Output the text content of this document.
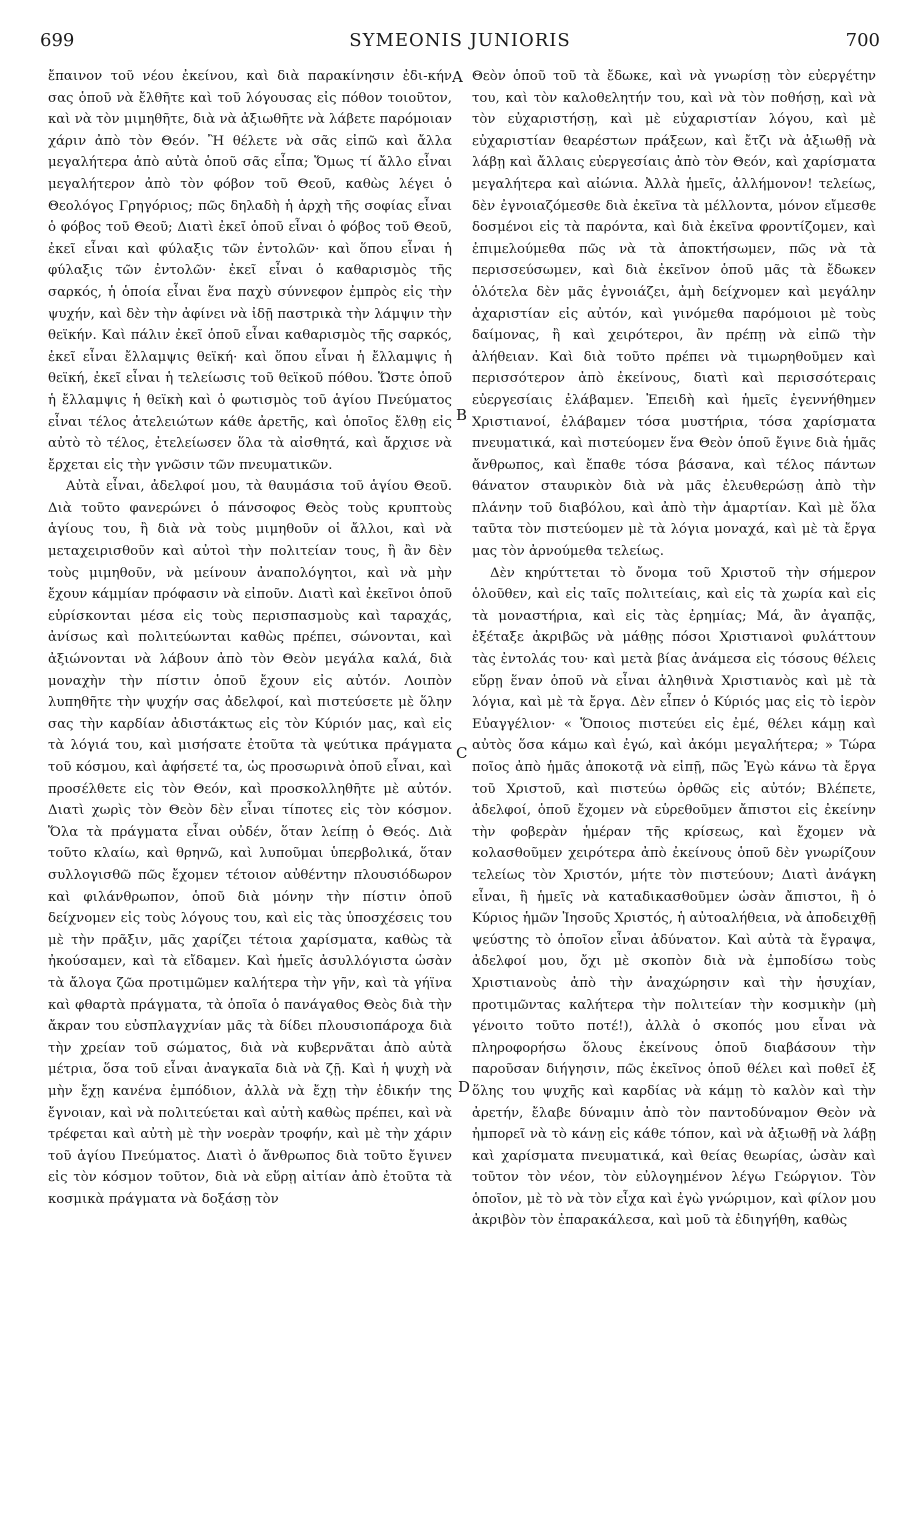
699	SYMEONIS JUNIORIS	700

ἔπαινον τοῦ νέου ἐκείνου, καὶ διὰ παρακίνησιν ἐδι-κήν σας ὁποῦ νὰ ἔλθῆτε καὶ τοῦ λόγουσας εἰς πόθον τοιοῦτον, καὶ νὰ τὸν μιμηθῆτε, διὰ νὰ ἀξιωθῆτε νὰ λάβετε παρόμοιαν χάριν ἀπὸ τὸν Θεόν. Ἢ θέλετε νὰ σᾶς εἰπῶ καὶ ἄλλα μεγαλήτερα ἀπὸ αὐτὰ ὁποῦ σᾶς εἶπα; Ὅμως τί ἄλλο εἶναι μεγαλήτερον ἀπὸ τὸν φόβον τοῦ Θεοῦ, καθὼς λέγει ὁ Θεολόγος Γρηγόριος; πῶς δηλαδὴ ἡ ἀρχὴ τῆς σοφίας εἶναι ὁ φόβος τοῦ Θεοῦ; Διατὶ ἐκεῖ ὁποῦ εἶναι ὁ φόβος τοῦ Θεοῦ, ἐκεῖ εἶναι καὶ φύλαξις τῶν ἐντολῶν· καὶ ὅπου εἶναι ἡ φύλαξις τῶν ἐντολῶν· ἐκεῖ εἶναι ὁ καθαρισμὸς τῆς σαρκός, ἡ ὁποία εἶναι ἕνα παχὺ σύννεφον ἐμπρὸς εἰς τὴν ψυχήν, καὶ δὲν τὴν ἀφίνει νὰ ἰδῇ παστρικὰ τὴν λάμψιν τὴν θεϊκήν. Καὶ πάλιν ἐκεῖ ὁποῦ εἶναι καθαρισμὸς τῆς σαρκός, ἐκεῖ εἶναι ἔλλαμψις θεϊκή· καὶ ὅπου εἶναι ἡ ἔλλαμψις ἡ θεϊκή, ἐκεῖ εἶναι ἡ τελείωσις τοῦ θεϊκοῦ πόθου. Ὥστε ὁποῦ ἡ ἔλλαμψις ἡ θεϊκὴ καὶ ὁ φωτισμὸς τοῦ ἁγίου Πνεύματος εἶναι τέλος ἀτελειώτων κάθε ἀρετῆς, καὶ ὁποῖος ἔλθῃ εἰς αὐτὸ τὸ τέλος, ἐτελείωσεν ὅλα τὰ αἰσθητά, καὶ ἄρχισε νὰ ἔρχεται εἰς τὴν γνῶσιν τῶν πνευματικῶν.

Αὐτὰ εἶναι, ἀδελφοί μου, τὰ θαυμάσια τοῦ ἁγίου Θεοῦ. Διὰ τοῦτο φανερώνει ὁ πάνσοφος Θεὸς τοὺς κρυπτοὺς ἁγίους του, ἢ διὰ νὰ τοὺς μιμηθοῦν οἱ ἄλλοι, καὶ νὰ μεταχειρισθοῦν καὶ αὐτοὶ τὴν πολιτείαν τους, ἢ ἂν δὲν τοὺς μιμηθοῦν, νὰ μείνουν ἀναπολόγητοι, καὶ νὰ μὴν ἔχουν κάμμίαν πρόφασιν νὰ εἰποῦν. Διατὶ καὶ ἐκεῖνοι ὁποῦ εὑρίσκονται μέσα εἰς τοὺς περισπασμοὺς καὶ ταραχάς, ἀνίσως καὶ πολιτεύωνται καθὼς πρέπει, σώνονται, καὶ ἀξιώνονται νὰ λάβουν ἀπὸ τὸν Θεὸν μεγάλα καλά, διὰ μοναχὴν τὴν πίστιν ὁποῦ ἔχουν εἰς αὐτόν. Λοιπὸν λυπηθῆτε τὴν ψυχήν σας ἀδελφοί, καὶ πιστεύσετε μὲ ὅλην σας τὴν καρδίαν ἀδιστάκτως εἰς τὸν Κύριόν μας, καὶ εἰς τὰ λόγιά του, καὶ μισήσατε ἐτοῦτα τὰ ψεύτικα πράγματα τοῦ κόσμου, καὶ ἀφήσετέ τα, ὡς προσωρινὰ ὁποῦ εἶναι, καὶ προσέλθετε εἰς τὸν Θεόν, καὶ προσκολληθῆτε μὲ αὐτόν. Διατὶ χωρὶς τὸν Θεὸν δὲν εἶναι τίποτες εἰς τὸν κόσμον. Ὅλα τὰ πράγματα εἶναι οὐδέν, ὅταν λείπῃ ὁ Θεός. Διὰ τοῦτο κλαίω, καὶ θρηνῶ, καὶ λυποῦμαι ὑπερβολικά, ὅταν συλλογισθῶ πῶς ἔχομεν τέτοιον αὐθέντην πλουσιόδωρον καὶ φιλάνθρωπον, ὁποῦ διὰ μόνην τὴν πίστιν ὁποῦ δείχνομεν εἰς τοὺς λόγους του, καὶ εἰς τὰς ὑποσχέσεις του μὲ τὴν πρᾶξιν, μᾶς χαρίζει τέτοια χαρίσματα, καθὼς τὰ ἠκούσαμεν, καὶ τὰ εἴδαμεν. Καὶ ἡμεῖς ἀσυλλόγιστα ὡσὰν τὰ ἄλογα ζῶα προτιμῶμεν καλήτερα τὴν γῆν, καὶ τὰ γήϊνα καὶ φθαρτὰ πράγματα, τὰ ὁποῖα ὁ πανάγαθος Θεὸς διὰ τὴν ἄκραν του εὐσπλαγχνίαν μᾶς τὰ δίδει πλουσιοπάροχα διὰ τὴν χρείαν τοῦ σώματος, διὰ νὰ κυβερνᾶται ἀπὸ αὐτὰ μέτρια, ὅσα τοῦ εἶναι ἀναγκαῖα διὰ νὰ ζῇ. Καὶ ἡ ψυχὴ νὰ μὴν ἔχῃ κανένα ἐμπόδιον, ἀλλὰ νὰ ἔχῃ τὴν ἐδικήν της ἔγνοιαν, καὶ νὰ πολιτεύεται καὶ αὐτὴ καθὼς πρέπει, καὶ νὰ τρέφεται καὶ αὐτὴ μὲ τὴν νοερὰν τροφήν, καὶ μὲ τὴν χάριν τοῦ ἁγίου Πνεύματος. Διατὶ ὁ ἄνθρωπος διὰ τοῦτο ἔγινεν εἰς τὸν κόσμον τοῦτον, διὰ νὰ εὕρῃ αἰτίαν ἀπὸ ἐτοῦτα τὰ κοσμικὰ πράγματα νὰ δοξάσῃ τὸν

Θεὸν ὁποῦ τοῦ τὰ ἔδωκε, καὶ νὰ γνωρίσῃ τὸν εὐεργέτην του, καὶ τὸν καλοθελητήν του, καὶ νὰ τὸν ποθήσῃ, καὶ νὰ τὸν εὐχαριστήσῃ, καὶ μὲ εὐχαριστίαν λόγου, καὶ μὲ εὐχαριστίαν θεαρέστων πράξεων, καὶ ἔτζι νὰ ἀξιωθῇ νὰ λάβῃ καὶ ἄλλαις εὐεργεσίαις ἀπὸ τὸν Θεόν, καὶ χαρίσματα μεγαλήτερα καὶ αἰώνια. Ἀλλὰ ἡμεῖς, ἀλλήμονον! τελείως, δὲν ἐγνοιαζόμεσθε διὰ ἐκεῖνα τὰ μέλλοντα, μόνον εἴμεσθε δοσμένοι εἰς τὰ παρόντα, καὶ διὰ ἐκεῖνα φροντίζομεν, καὶ ἐπιμελούμεθα πῶς νὰ τὰ ἀποκτήσωμεν, πῶς νὰ τὰ περισσεύσωμεν, καὶ διὰ ἐκεῖνον ὁποῦ μᾶς τὰ ἔδωκεν ὁλότελα δὲν μᾶς ἐγνοιάζει, ἀμὴ δείχνομεν καὶ μεγάλην ἀχαριστίαν εἰς αὐτόν, καὶ γινόμεθα παρόμοιοι μὲ τοὺς δαίμονας, ἢ καὶ χειρότεροι, ἂν πρέπῃ νὰ εἰπῶ τὴν ἀλήθειαν. Καὶ διὰ τοῦτο πρέπει νὰ τιμωρηθοῦμεν καὶ περισσότερον ἀπὸ ἐκείνους, διατὶ καὶ περισσότεραις εὐεργεσίαις ἐλάβαμεν. Ἐπειδὴ καὶ ἡμεῖς ἐγεννήθημεν Χριστιανοί, ἐλάβαμεν τόσα μυστήρια, τόσα χαρίσματα πνευματικά, καὶ πιστεύομεν ἕνα Θεὸν ὁποῦ ἔγινε διὰ ἡμᾶς ἄνθρωπος, καὶ ἔπαθε τόσα βάσανα, καὶ τέλος πάντων θάνατον σταυρικὸν διὰ νὰ μᾶς ἐλευθερώσῃ ἀπὸ τὴν πλάνην τοῦ διαβόλου, καὶ ἀπὸ τὴν ἁμαρτίαν. Καὶ μὲ ὅλα ταῦτα τὸν πιστεύομεν μὲ τὰ λόγια μοναχά, καὶ μὲ τὰ ἔργα μας τὸν ἀρνούμεθα τελείως.

Δὲν κηρύττεται τὸ ὄνομα τοῦ Χριστοῦ τὴν σήμερον ὁλοῦθεν, καὶ εἰς ταῖς πολιτείαις, καὶ εἰς τὰ χωρία καὶ εἰς τὰ μοναστήρια, καὶ εἰς τὰς ἐρημίας; Μά, ἂν ἀγαπᾷς, ἐξέταξε ἀκριβῶς νὰ μάθῃς πόσοι Χριστιανοὶ φυλάττουν τὰς ἐντολάς του· καὶ μετὰ βίας ἀνάμεσα εἰς τόσους θέλεις εὕρῃ ἕναν ὁποῦ νὰ εἶναι ἀληθινὰ Χριστιανὸς καὶ μὲ τὰ λόγια, καὶ μὲ τὰ ἔργα. Δὲν εἶπεν ὁ Κύριός μας εἰς τὸ ἱερὸν Εὐαγγέλιον· « Ὅποιος πιστεύει εἰς ἐμέ, θέλει κάμῃ καὶ αὐτὸς ὅσα κάμω καὶ ἐγώ, καὶ ἀκόμι μεγαλήτερα; » Τώρα ποῖος ἀπὸ ἡμᾶς ἀποκοτᾷ νὰ εἰπῇ, πῶς Ἐγὼ κάνω τὰ ἔργα τοῦ Χριστοῦ, καὶ πιστεύω ὀρθῶς εἰς αὐτόν; Βλέπετε, ἀδελφοί, ὁποῦ ἔχομεν νὰ εὑρεθοῦμεν ἄπιστοι εἰς ἐκείνην τὴν φοβερὰν ἡμέραν τῆς κρίσεως, καὶ ἔχομεν νὰ κολασθοῦμεν χειρότερα ἀπὸ ἐκείνους ὁποῦ δὲν γνωρίζουν τελείως τὸν Χριστόν, μήτε τὸν πιστεύουν; Διατὶ ἀνάγκη εἶναι, ἢ ἡμεῖς νὰ καταδικασθοῦμεν ὡσὰν ἄπιστοι, ἢ ὁ Κύριος ἡμῶν Ἰησοῦς Χριστός, ἡ αὐτοαλήθεια, νὰ ἀποδειχθῇ ψεύστης τὸ ὁποῖον εἶναι ἀδύνατον. Καὶ αὐτὰ τὰ ἔγραψα, ἀδελφοί μου, ὄχι μὲ σκοπὸν διὰ νὰ ἐμποδίσω τοὺς Χριστιανοὺς ἀπὸ τὴν ἀναχώρησιν καὶ τὴν ἡσυχίαν, προτιμῶντας καλήτερα τὴν πολιτείαν τὴν κοσμικὴν (μὴ γένοιτο τοῦτο ποτέ!), ἀλλὰ ὁ σκοπός μου εἶναι νὰ πληροφορήσω ὅλους ἐκείνους ὁποῦ διαβάσουν τὴν παροῦσαν διήγησιν, πῶς ἐκεῖνος ὁποῦ θέλει καὶ ποθεῖ ἐξ ὅλης του ψυχῆς καὶ καρδίας νὰ κάμῃ τὸ καλὸν καὶ τὴν ἀρετήν, ἔλαβε δύναμιν ἀπὸ τὸν παντοδύναμον Θεὸν νὰ ἠμπορεῖ νὰ τὸ κάνῃ εἰς κάθε τόπον, καὶ νὰ ἀξιωθῇ νὰ λάβῃ καὶ χαρίσματα πνευματικά, καὶ θείας θεωρίας, ὡσὰν καὶ τοῦτον τὸν νέον, τὸν εὐλογημένον λέγω Γεώργιον. Τὸν ὁποῖον, μὲ τὸ νὰ τὸν εἶχα καὶ ἐγὼ γνώριμον, καὶ φίλον μου ἀκριβὸν τὸν ἐπαρακάλεσα, καὶ μοῦ τὰ ἐδιηγήθη, καθὼς

A
B
C
D
